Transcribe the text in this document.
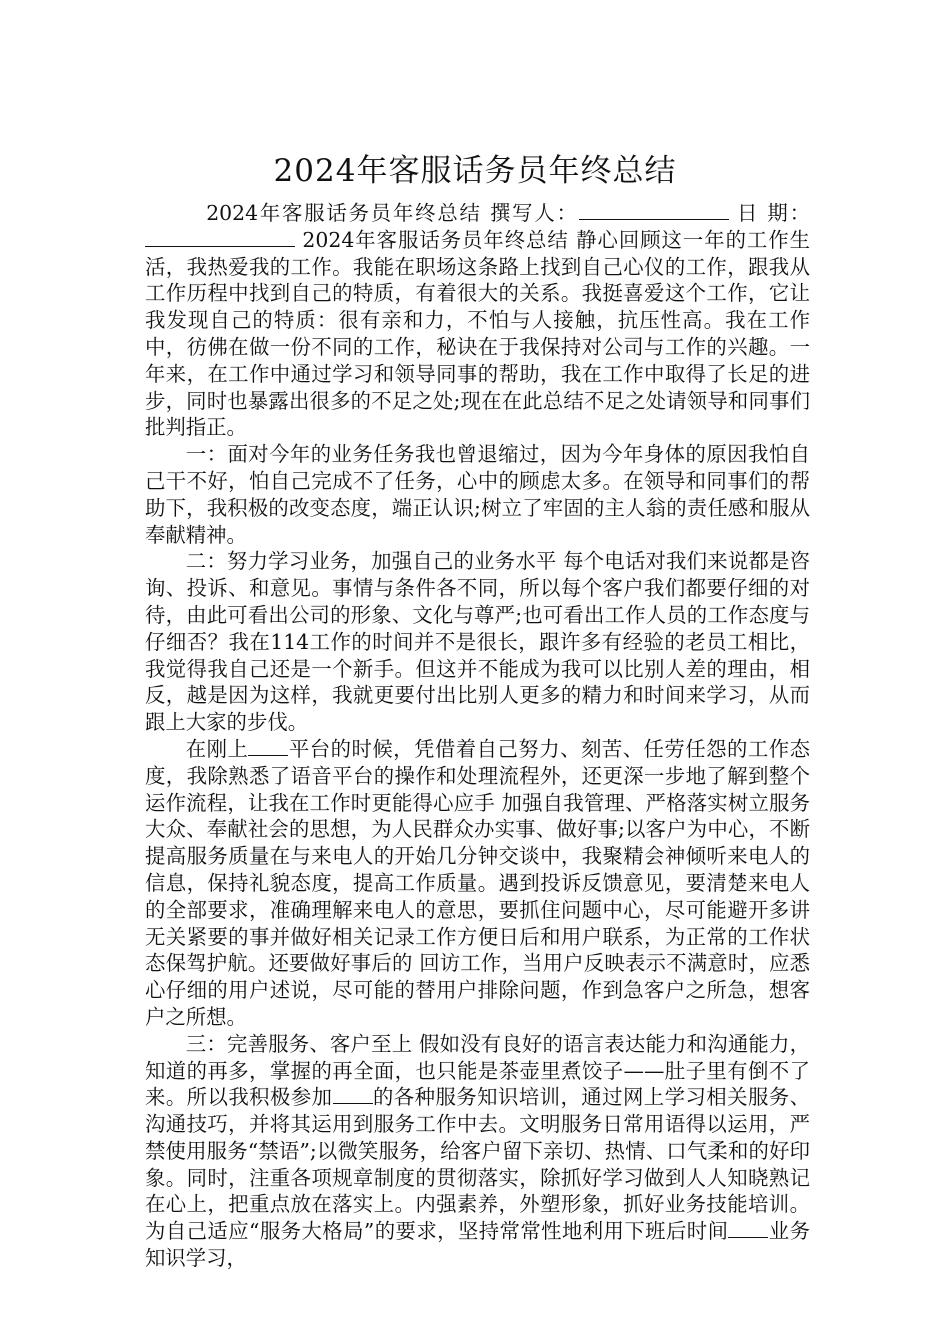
2024年客服话务员年终总结

2024年客服话务员年终总结 撰写人：	日 期： 2024年客服话务员年终总结 静心回顾这一年的工作生活，我热爱我的工作。我能在职场这条路上找到自己心仪的工作，跟我从工作历程中找到自己的特质，有着很大的关系。我挺喜爱这个工作，它让我发现自己的特质：很有亲和力，不怕与人接触，抗压性高。我在工作中，彷佛在做一份不同的工作，秘诀在于我保持对公司与工作的兴趣。一年来，在工作中通过学习和领导同事的帮助，我在工作中取得了长足的进步，同时也暴露出很多的不足之处;现在在此总结不足之处请领导和同事们批判指正。

一：面对今年的业务任务我也曾退缩过，因为今年身体的原因我怕自己干不好，怕自己完成不了任务，心中的顾虑太多。在领导和同事们的帮助下，我积极的改变态度，端正认识;树立了牢固的主人翁的责任感和服从奉献精神。

二：努力学习业务，加强自己的业务水平 每个电话对我们来说都是咨询、投诉、和意见。事情与条件各不同，所以每个客户我们都要仔细的对待，由此可看出公司的形象、文化与尊严;也可看出工作人员的工作态度与仔细否？我在114工作的时间并不是很长，跟许多有经验的老员工相比，我觉得我自己还是一个新手。但这并不能成为我可以比别人差的理由，相反，越是因为这样，我就更要付出比别人更多的精力和时间来学习，从而跟上大家的步伐。

在刚上 平台的时候，凭借着自己努力、刻苦、任劳任怨的工作态度，我除熟悉了语音平台的操作和处理流程外，还更深一步地了解到整个运作流程，让我在工作时更能得心应手 加强自我管理、严格落实树立服务大众、奉献社会的思想，为人民群众办实事、做好事;以客户为中心，不断提高服务质量在与来电人的开始几分钟交谈中，我聚精会神倾听来电人的信息，保持礼貌态度，提高工作质量。遇到投诉反馈意见，要清楚来电人的全部要求，准确理解来电人的意思，要抓住问题中心，尽可能避开多讲无关紧要的事并做好相关记录工作方便日后和用户联系，为正常的工作状态保驾护航。还要做好事后的 回访工作，当用户反映表示不满意时，应悉心仔细的用户述说，尽可能的替用户排除问题，作到急客户之所急，想客户之所想。

三：完善服务、客户至上 假如没有良好的语言表达能力和沟通能力，知道的再多，掌握的再全面，也只能是茶壶里煮饺子——肚子里有倒不了来。所以我积极参加 的各种服务知识培训，通过网上学习相关服务、沟通技巧，并将其运用到服务工作中去。文明服务日常用语得以运用，严禁使用服务“禁语”;以微笑服务，给客户留下亲切、热情、口气柔和的好印象。同时，注重各项规章制度的贯彻落实，除抓好学习做到人人知晓熟记在心上，把重点放在落实上。内强素养，外塑形象，抓好业务技能培训。为自己适应“服务大格局”的要求，坚持常常性地利用下班后时间 业务知识学习，
